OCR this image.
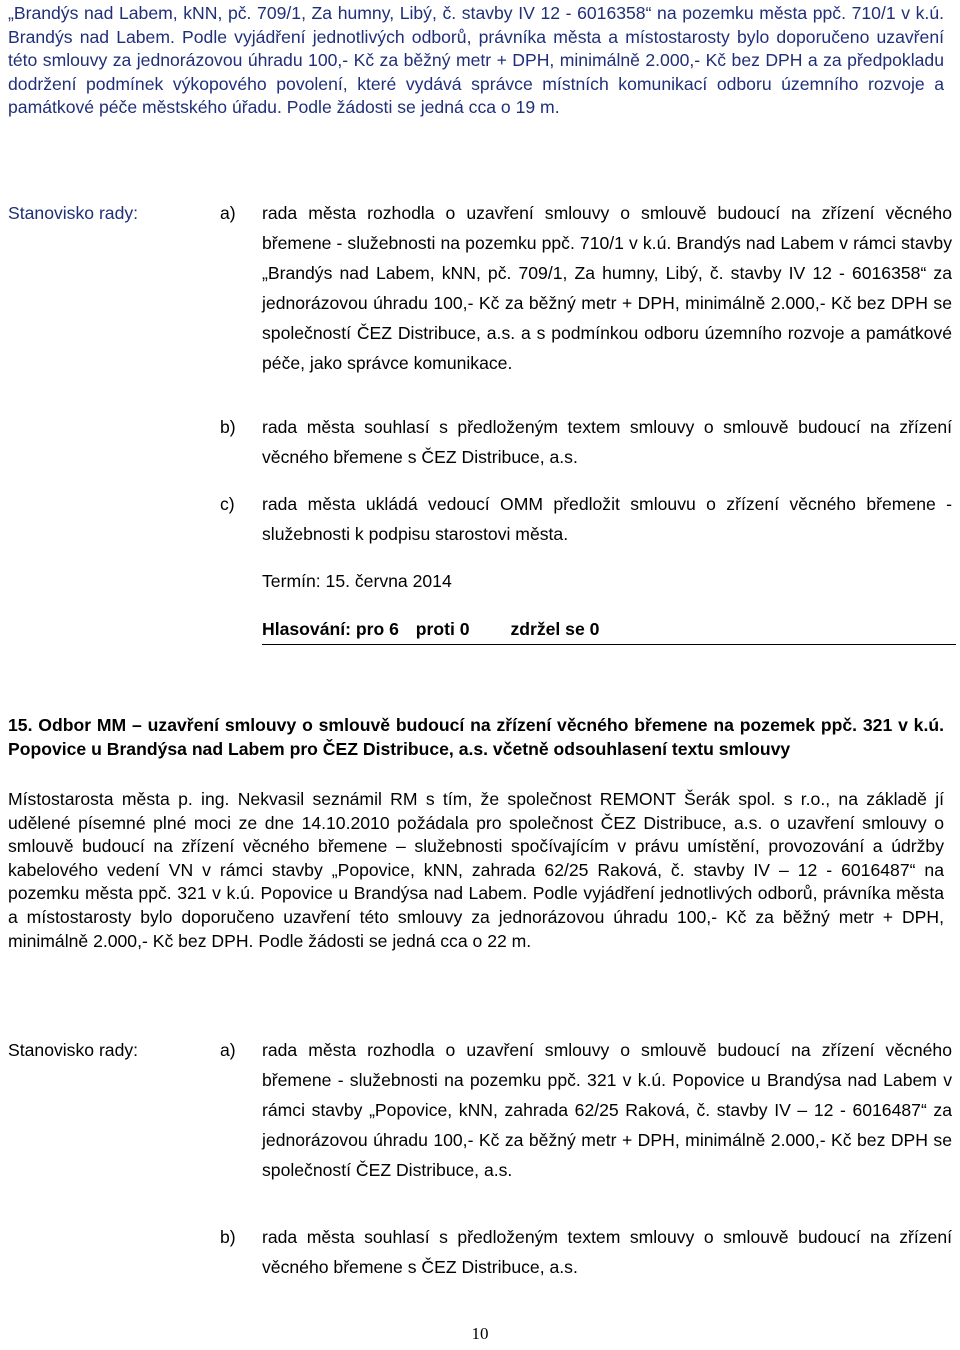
„Brandýs nad Labem, kNN, pč. 709/1, Za humny, Libý, č. stavby IV 12 - 6016358“ na pozemku města ppč. 710/1 v k.ú. Brandýs nad Labem. Podle vyjádření jednotlivých odborů, právníka města a místostarosty bylo doporučeno uzavření této smlouvy za jednorázovou úhradu 100,- Kč za běžný metr + DPH, minimálně 2.000,- Kč bez DPH a za předpokladu dodržení podmínek výkopového povolení, které vydává správce místních komunikací odboru územního rozvoje a památkové péče městského úřadu. Podle žádosti se jedná cca o 19 m.

Stanovisko rady:	a)	rada města rozhodla o uzavření smlouvy o smlouvě budoucí na zřízení věcného břemene - služebnosti na pozemku ppč. 710/1 v k.ú. Brandýs nad Labem v rámci stavby „Brandýs nad Labem, kNN, pč. 709/1, Za humny, Libý, č. stavby IV 12 - 6016358“ za jednorázovou úhradu 100,- Kč za běžný metr + DPH, minimálně 2.000,- Kč bez DPH se společností ČEZ Distribuce, a.s. a s podmínkou odboru územního rozvoje a památkové péče, jako správce komunikace.
b)	rada města souhlasí s předloženým textem smlouvy o smlouvě budoucí na zřízení věcného břemene s ČEZ Distribuce, a.s.
c)	rada města ukládá vedoucí OMM předložit smlouvu o zřízení věcného břemene - služebnosti k podpisu starostovi města.
Termín: 15. června 2014
Hlasování: pro 6 proti 0 zdržel se 0

15. Odbor MM – uzavření smlouvy o smlouvě budoucí na zřízení věcného břemene na pozemek ppč. 321 v k.ú. Popovice u Brandýsa nad Labem pro ČEZ Distribuce, a.s. včetně odsouhlasení textu smlouvy

Místostarosta města p. ing. Nekvasil seznámil RM s tím, že společnost REMONT Šerák spol. s r.o., na základě jí udělené písemné plné moci ze dne 14.10.2010 požádala pro společnost ČEZ Distribuce, a.s. o uzavření smlouvy o smlouvě budoucí na zřízení věcného břemene – služebnosti spočívajícím v právu umístění, provozování a údržby kabelového vedení VN v rámci stavby „Popovice, kNN, zahrada 62/25 Raková, č. stavby IV – 12 - 6016487“ na pozemku města ppč. 321 v k.ú. Popovice u Brandýsa nad Labem. Podle vyjádření jednotlivých odborů, právníka města a místostarosty bylo doporučeno uzavření této smlouvy za jednorázovou úhradu 100,- Kč za běžný metr + DPH, minimálně 2.000,- Kč bez DPH. Podle žádosti se jedná cca o 22 m.

Stanovisko rady:	a)	rada města rozhodla o uzavření smlouvy o smlouvě budoucí na zřízení věcného břemene - služebnosti na pozemku ppč. 321 v k.ú. Popovice u Brandýsa nad Labem v rámci stavby „Popovice, kNN, zahrada 62/25 Raková, č. stavby IV – 12 - 6016487“ za jednorázovou úhradu 100,- Kč za běžný metr + DPH, minimálně 2.000,- Kč bez DPH se společností ČEZ Distribuce, a.s.
b)	rada města souhlasí s předloženým textem smlouvy o smlouvě budoucí na zřízení věcného břemene s ČEZ Distribuce, a.s.
10
